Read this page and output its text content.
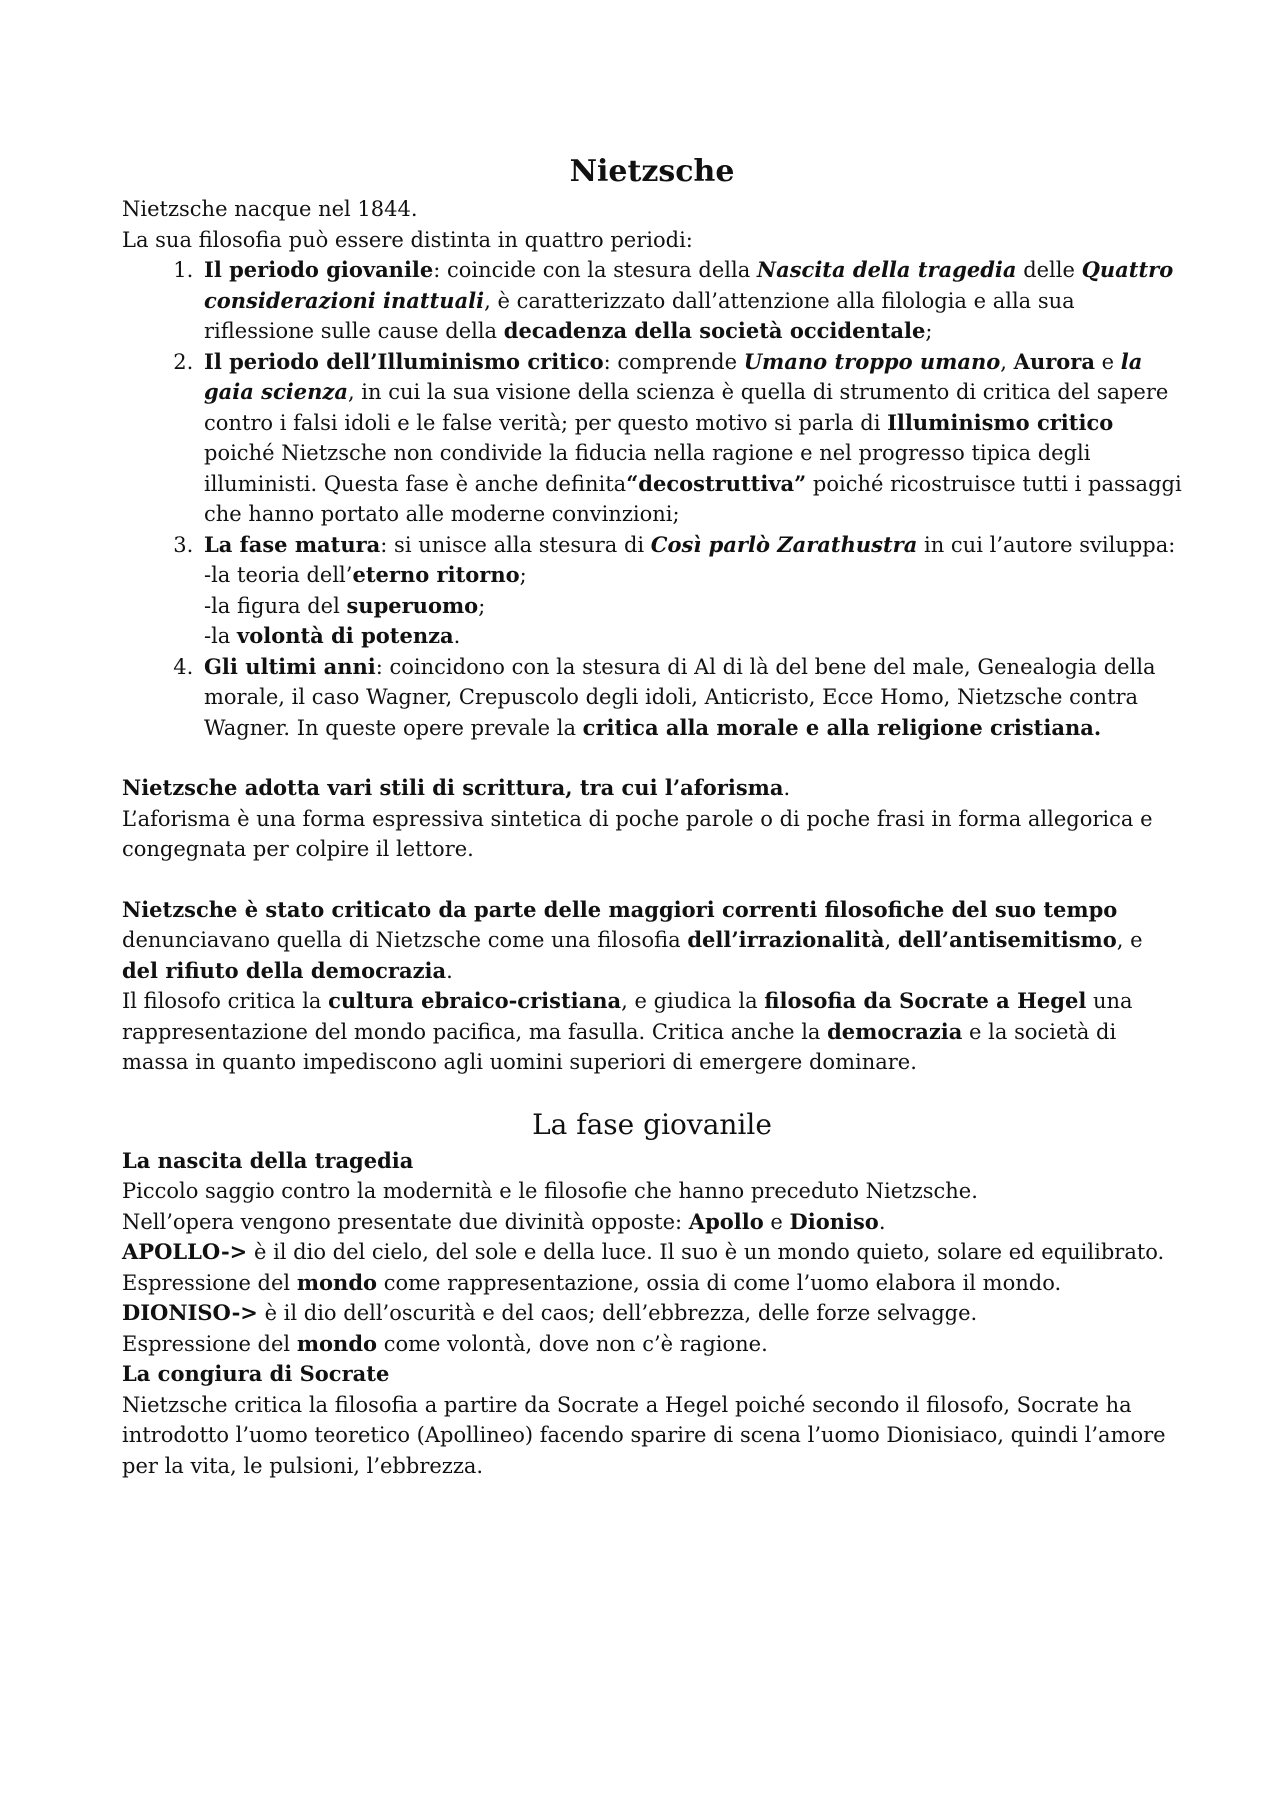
Nietzsche

Nietzsche nacque nel 1844.

La sua filosofia può essere distinta in quattro periodi:

1. Il periodo giovanile: coincide con la stesura della Nascita della tragedia delle Quattro considerazioni inattuali, è caratterizzato dall’attenzione alla filologia e alla sua riflessione sulle cause della decadenza della società occidentale;
2. Il periodo dell’Illuminismo critico: comprende Umano troppo umano, Aurora e la gaia scienza, in cui la sua visione della scienza è quella di strumento di critica del sapere contro i falsi idoli e le false verità; per questo motivo si parla di Illuminismo critico poiché Nietzsche non condivide la fiducia nella ragione e nel progresso tipica degli illuministi. Questa fase è anche definita“decostruttiva” poiché ricostruisce tutti i passaggi che hanno portato alle moderne convinzioni;
3. La fase matura: si unisce alla stesura di Così parlò Zarathustra in cui l’autore sviluppa:
-la teoria dell’eterno ritorno;
-la figura del superuomo;
-la volontà di potenza.
4. Gli ultimi anni: coincidono con la stesura di Al di là del bene del male, Genealogia della morale, il caso Wagner, Crepuscolo degli idoli, Anticristo, Ecce Homo, Nietzsche contra Wagner. In queste opere prevale la critica alla morale e alla religione cristiana.

Nietzsche adotta vari stili di scrittura, tra cui l’aforisma.

L’aforisma è una forma espressiva sintetica di poche parole o di poche frasi in forma allegorica e congegnata per colpire il lettore.

Nietzsche è stato criticato da parte delle maggiori correnti filosofiche del suo tempo denunciavano quella di Nietzsche come una filosofia dell’irrazionalità, dell’antisemitismo, e del rifiuto della democrazia.

Il filosofo critica la cultura ebraico-cristiana, e giudica la filosofia da Socrate a Hegel una rappresentazione del mondo pacifica, ma fasulla. Critica anche la democrazia e la società di massa in quanto impediscono agli uomini superiori di emergere dominare.

La fase giovanile

La nascita della tragedia

Piccolo saggio contro la modernità e le filosofie che hanno preceduto Nietzsche.

Nell’opera vengono presentate due divinità opposte: Apollo e Dioniso.

APOLLO-> è il dio del cielo, del sole e della luce. Il suo è un mondo quieto, solare ed equilibrato.

Espressione del mondo come rappresentazione, ossia di come l’uomo elabora il mondo.

DIONISO-> è il dio dell’oscurità e del caos; dell’ebbrezza, delle forze selvagge.

Espressione del mondo come volontà, dove non c’è ragione.

La congiura di Socrate

Nietzsche critica la filosofia a partire da Socrate a Hegel poiché secondo il filosofo, Socrate ha introdotto l’uomo teoretico (Apollineo) facendo sparire di scena l’uomo Dionisiaco, quindi l’amore per la vita, le pulsioni, l’ebbrezza.
